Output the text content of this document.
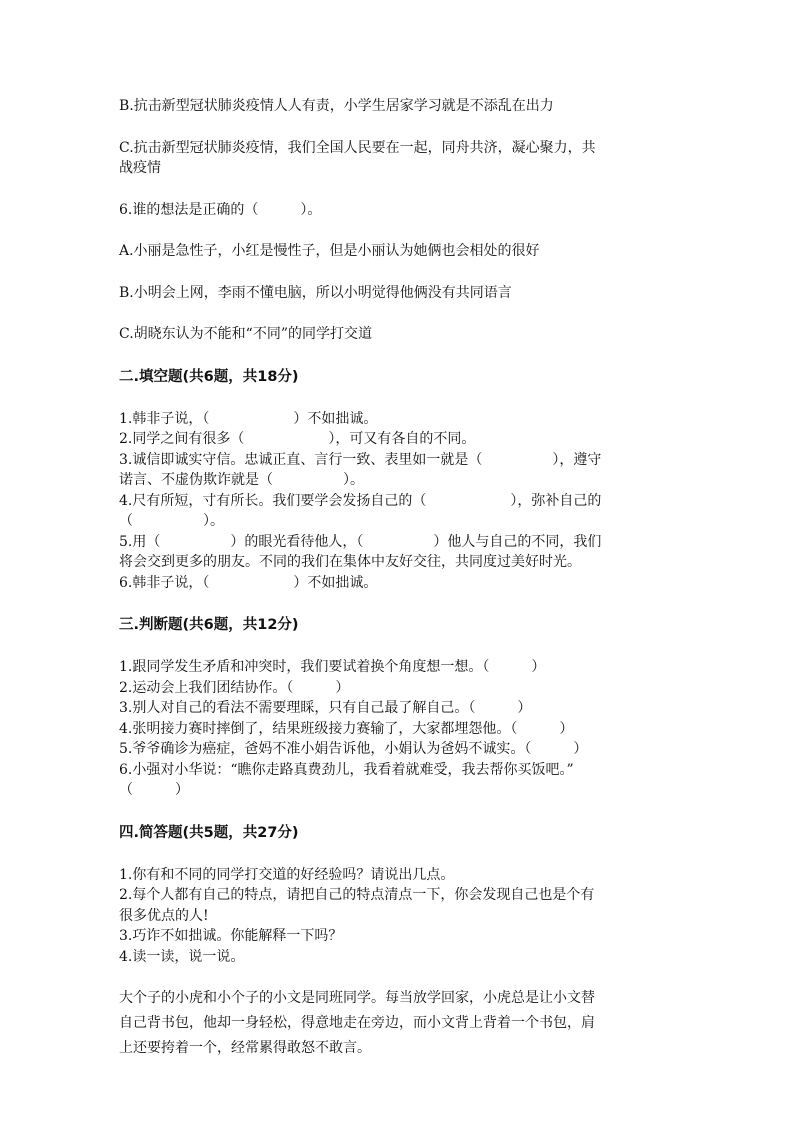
B.抗击新型冠状肺炎疫情人人有责，小学生居家学习就是不添乱在出力

C.抗击新型冠状肺炎疫情，我们全国人民要在一起，同舟共济，凝心聚力，共

战疫情

6.谁的想法是正确的（　　　）。

A.小丽是急性子，小红是慢性子，但是小丽认为她俩也会相处的很好

B.小明会上网，李雨不懂电脑，所以小明觉得他俩没有共同语言

C.胡晓东认为不能和“不同”的同学打交道

二.填空题(共6题，共18分)

1.韩非子说，（　　　　　　）不如拙诚。

2.同学之间有很多（　　　　　　），可又有各自的不同。

3.诚信即诚实守信。忠诚正直、言行一致、表里如一就是（　　　　　），遵守

诺言、不虚伪欺诈就是（　　　　　）。

4.尺有所短，寸有所长。我们要学会发扬自己的（　　　　　　），弥补自己的

（　　　　　）。

5.用（　　　　　）的眼光看待他人，（　　　　　）他人与自己的不同，我们

将会交到更多的朋友。不同的我们在集体中友好交往，共同度过美好时光。

6.韩非子说，（　　　　　　）不如拙诚。

三.判断题(共6题，共12分)

1.跟同学发生矛盾和冲突时，我们要试着换个角度想一想。（　　　）

2.运动会上我们团结协作。（　　　）

3.别人对自己的看法不需要理睬，只有自己最了解自己。（　　　）

4.张明接力赛时摔倒了，结果班级接力赛输了，大家都埋怨他。（　　　）

5.爷爷确诊为癌症，爸妈不准小娟告诉他，小娟认为爸妈不诚实。（　　　）

6.小强对小华说：“瞧你走路真费劲儿，我看着就难受，我去帮你买饭吧。”

（　　　）

四.简答题(共5题，共27分)

1.你有和不同的同学打交道的好经验吗？请说出几点。

2.每个人都有自己的特点，请把自己的特点清点一下，你会发现自己也是个有

很多优点的人!

3.巧诈不如拙诚。你能解释一下吗？

4.读一读，说一说。

大个子的小虎和小个子的小文是同班同学。每当放学回家，小虎总是让小文替

自己背书包，他却一身轻松，得意地走在旁边，而小文背上背着一个书包，肩

上还要挎着一个，经常累得敢怒不敢言。
